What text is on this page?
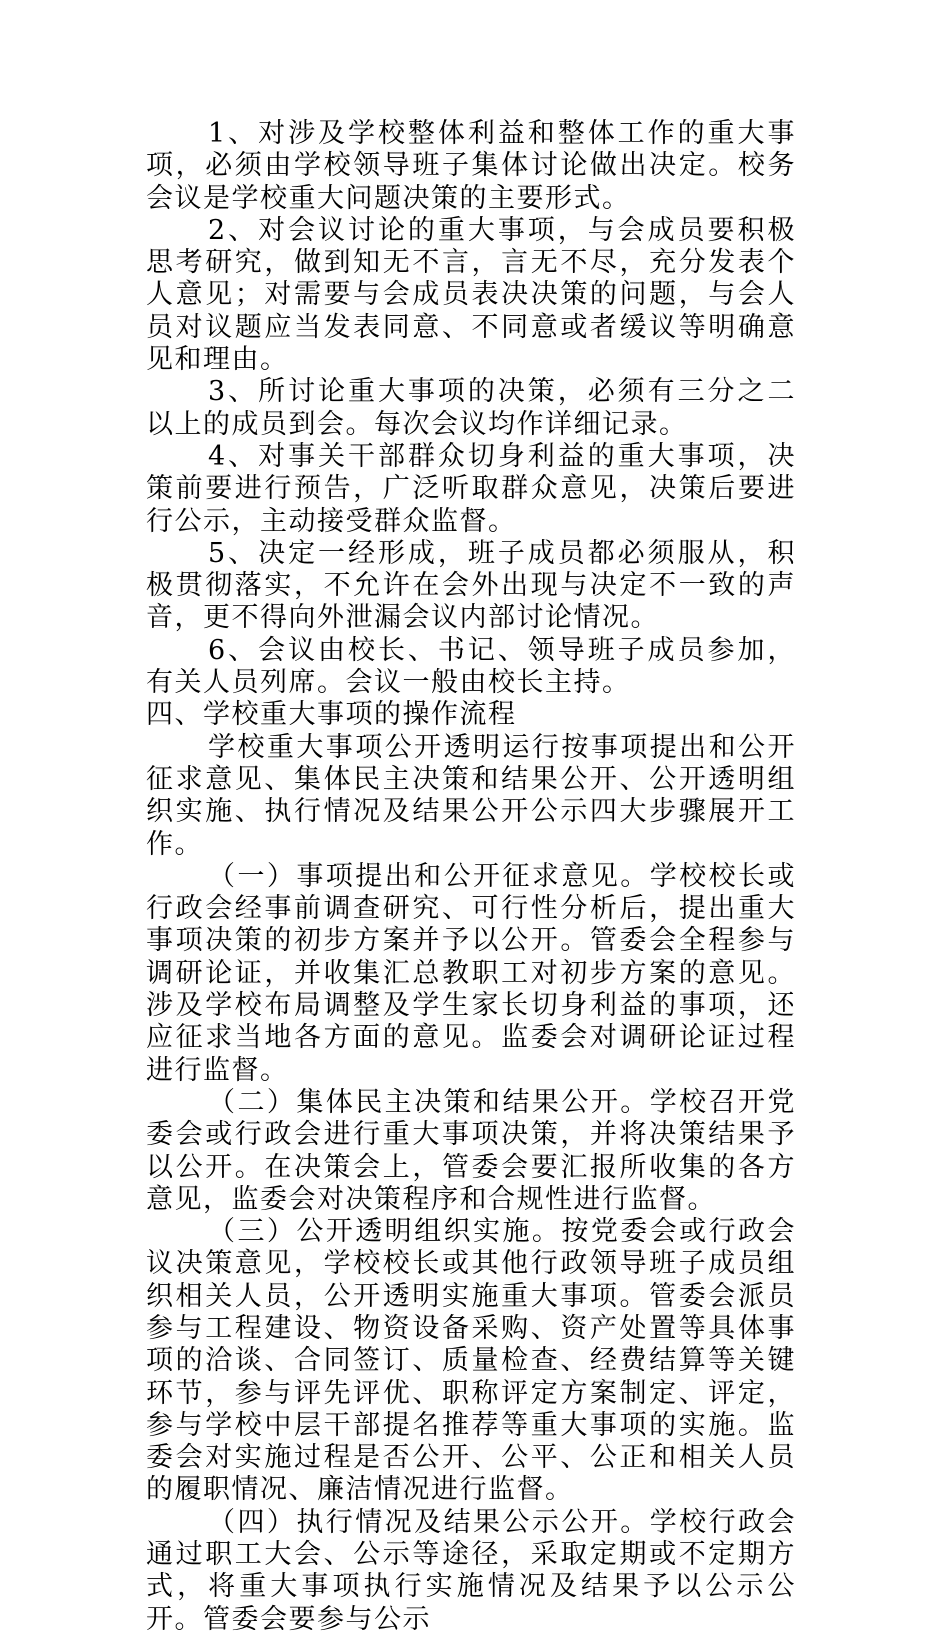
1、对涉及学校整体利益和整体工作的重大事项，必须由学校领导班子集体讨论做出决定。校务会议是学校重大问题决策的主要形式。

2、对会议讨论的重大事项，与会成员要积极思考研究，做到知无不言，言无不尽，充分发表个人意见；对需要与会成员表决决策的问题，与会人员对议题应当发表同意、不同意或者缓议等明确意见和理由。

3、所讨论重大事项的决策，必须有三分之二以上的成员到会。每次会议均作详细记录。

4、对事关干部群众切身利益的重大事项，决策前要进行预告，广泛听取群众意见，决策后要进行公示，主动接受群众监督。

5、决定一经形成，班子成员都必须服从，积极贯彻落实，不允许在会外出现与决定不一致的声音，更不得向外泄漏会议内部讨论情况。

6、会议由校长、书记、领导班子成员参加，有关人员列席。会议一般由校长主持。

四、学校重大事项的操作流程

学校重大事项公开透明运行按事项提出和公开征求意见、集体民主决策和结果公开、公开透明组织实施、执行情况及结果公开公示四大步骤展开工作。

（一）事项提出和公开征求意见。学校校长或行政会经事前调查研究、可行性分析后，提出重大事项决策的初步方案并予以公开。管委会全程参与调研论证，并收集汇总教职工对初步方案的意见。涉及学校布局调整及学生家长切身利益的事项，还应征求当地各方面的意见。监委会对调研论证过程进行监督。

（二）集体民主决策和结果公开。学校召开党委会或行政会进行重大事项决策，并将决策结果予以公开。在决策会上，管委会要汇报所收集的各方意见，监委会对决策程序和合规性进行监督。

（三）公开透明组织实施。按党委会或行政会议决策意见，学校校长或其他行政领导班子成员组织相关人员，公开透明实施重大事项。管委会派员参与工程建设、物资设备采购、资产处置等具体事项的洽谈、合同签订、质量检查、经费结算等关键环节，参与评先评优、职称评定方案制定、评定，参与学校中层干部提名推荐等重大事项的实施。监委会对实施过程是否公开、公平、公正和相关人员的履职情况、廉洁情况进行监督。

（四）执行情况及结果公示公开。学校行政会通过职工大会、公示等途径，采取定期或不定期方式，将重大事项执行实施情况及结果予以公示公开。管委会要参与公示
